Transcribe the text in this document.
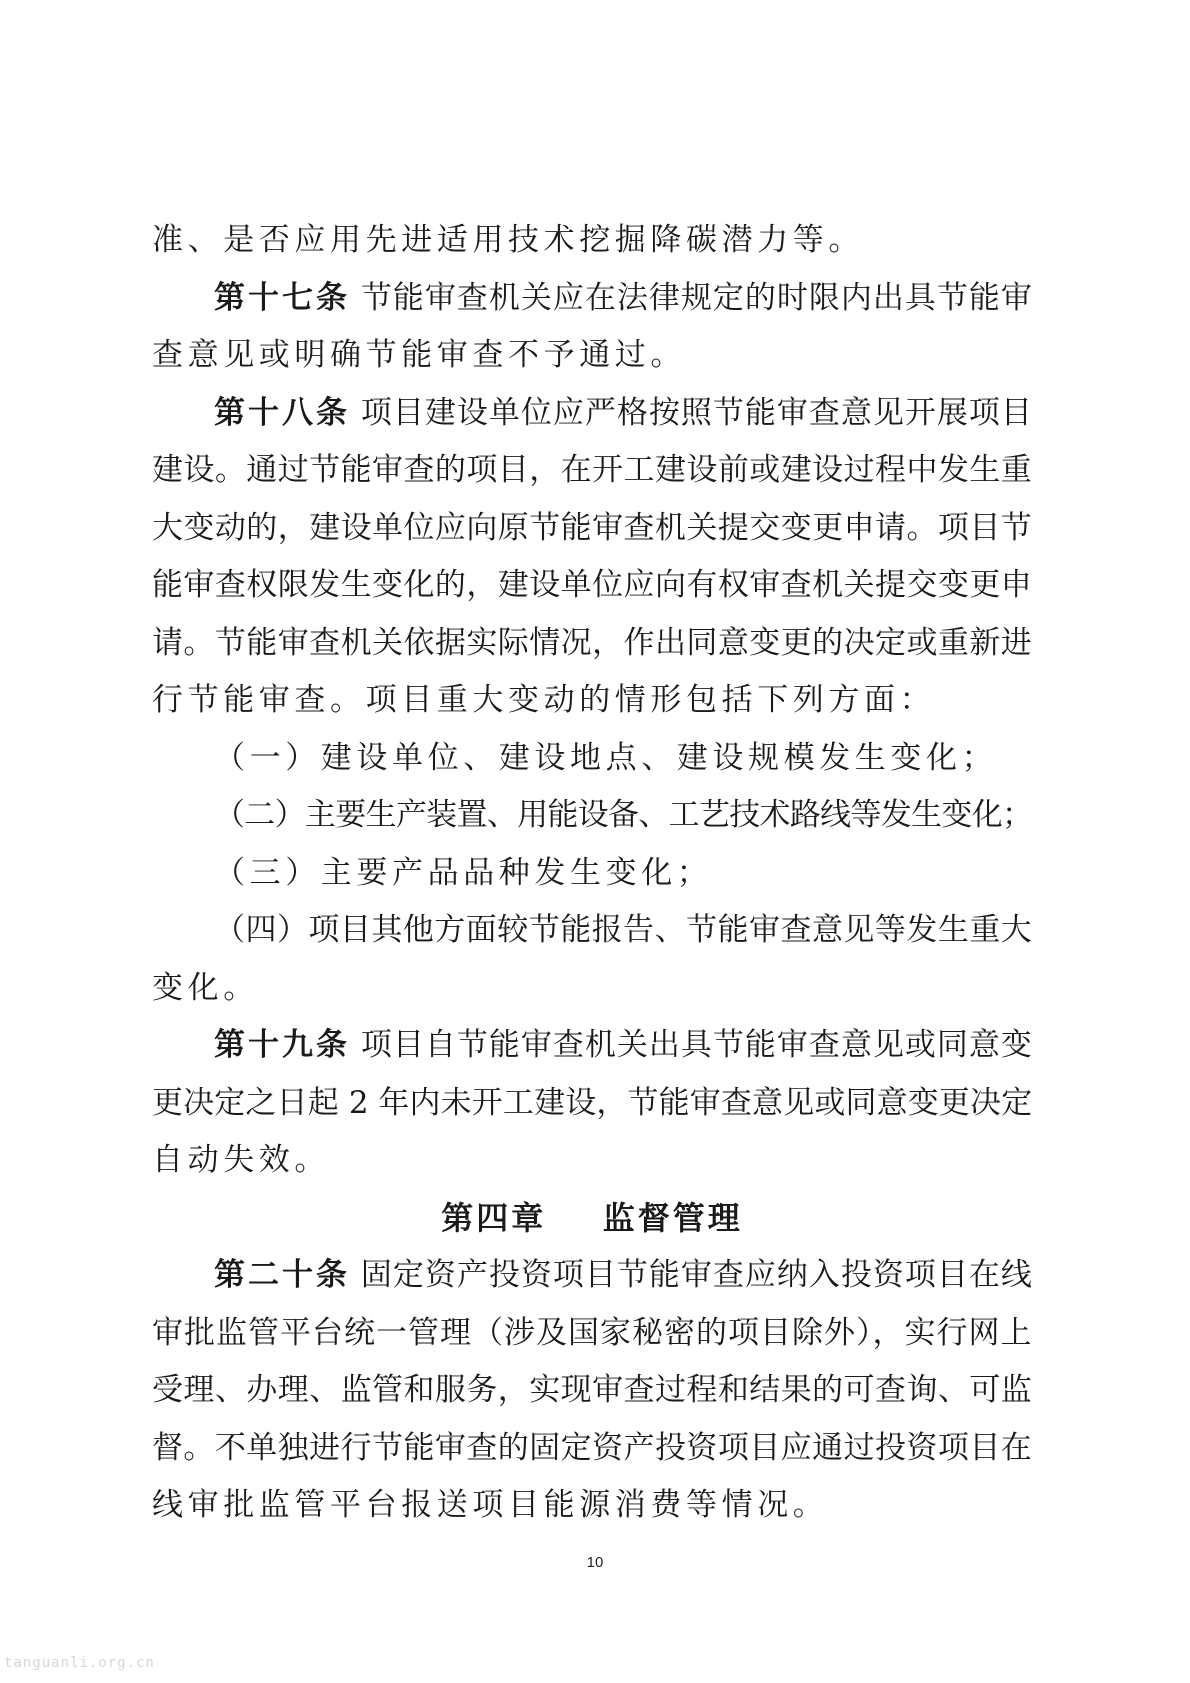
准、是否应用先进适用技术挖掘降碳潜力等。
第十七条 节能审查机关应在法律规定的时限内出具节能审
查意见或明确节能审查不予通过。
第十八条 项目建设单位应严格按照节能审查意见开展项目
建设。通过节能审查的项目，在开工建设前或建设过程中发生重
大变动的，建设单位应向原节能审查机关提交变更申请。项目节
能审查权限发生变化的，建设单位应向有权审查机关提交变更申
请。节能审查机关依据实际情况，作出同意变更的决定或重新进
行节能审查。项目重大变动的情形包括下列方面：
（一）建设单位、建设地点、建设规模发生变化；
（二）主要生产装置、用能设备、工艺技术路线等发生变化；
（三）主要产品品种发生变化；
（四）项目其他方面较节能报告、节能审查意见等发生重大
变化。
第十九条 项目自节能审查机关出具节能审查意见或同意变
更决定之日起 2 年内未开工建设，节能审查意见或同意变更决定
自动失效。
第四章    监督管理
第二十条 固定资产投资项目节能审查应纳入投资项目在线
审批监管平台统一管理（涉及国家秘密的项目除外），实行网上
受理、办理、监管和服务，实现审查过程和结果的可查询、可监
督。不单独进行节能审查的固定资产投资项目应通过投资项目在
线审批监管平台报送项目能源消费等情况。
10
tanguanli.org.cn
